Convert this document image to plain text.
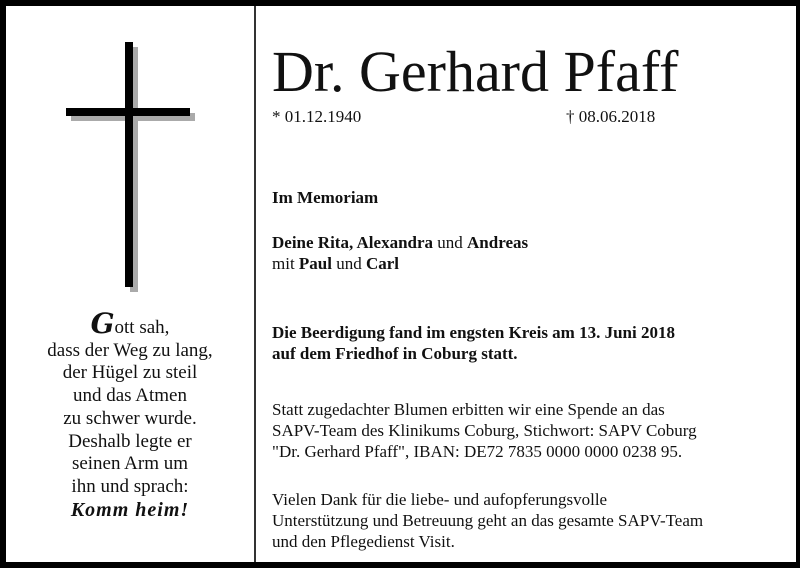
Gott sah,
dass der Weg zu lang,
der Hügel zu steil
und das Atmen
zu schwer wurde.
Deshalb legte er
seinen Arm um
ihn und sprach:
Komm heim!
Dr. Gerhard Pfaff
* 01.12.1940	† 08.06.2018
Im Memoriam
Deine Rita, Alexandra und Andreas
mit Paul und Carl
Die Beerdigung fand im engsten Kreis am 13. Juni 2018
auf dem Friedhof in Coburg statt.
Statt zugedachter Blumen erbitten wir eine Spende an das
SAPV-Team des Klinikums Coburg, Stichwort: SAPV Coburg
"Dr. Gerhard Pfaff", IBAN: DE72 7835 0000 0000 0238 95.
Vielen Dank für die liebe- und aufopferungsvolle
Unterstützung und Betreuung geht an das gesamte SAPV-Team
und den Pflegedienst Visit.
